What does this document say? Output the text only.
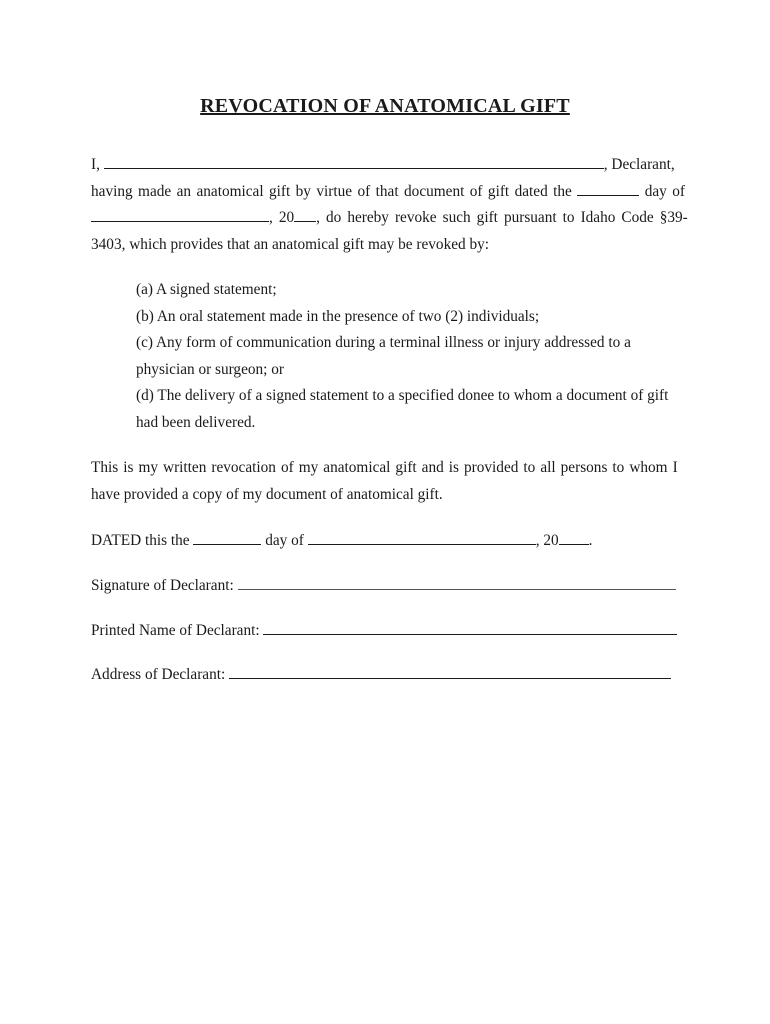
REVOCATION OF ANATOMICAL GIFT
I,	, Declarant,
having made an anatomical gift by virtue of that document of gift dated the	day of
, 20 , do hereby revoke such gift pursuant to Idaho Code §39-
3403, which provides that an anatomical gift may be revoked by:
(a) A signed statement;
(b) An oral statement made in the presence of two (2) individuals;
(c) Any form of communication during a terminal illness or injury addressed to a
physician or surgeon; or
(d) The delivery of a signed statement to a specified donee to whom a document of gift
had been delivered.
This is my written revocation of my anatomical gift and is provided to all persons to whom I
have provided a copy of my document of anatomical gift.
DATED this the	day of	, 20 .
Signature of Declarant:
Printed Name of Declarant:
Address of Declarant:
